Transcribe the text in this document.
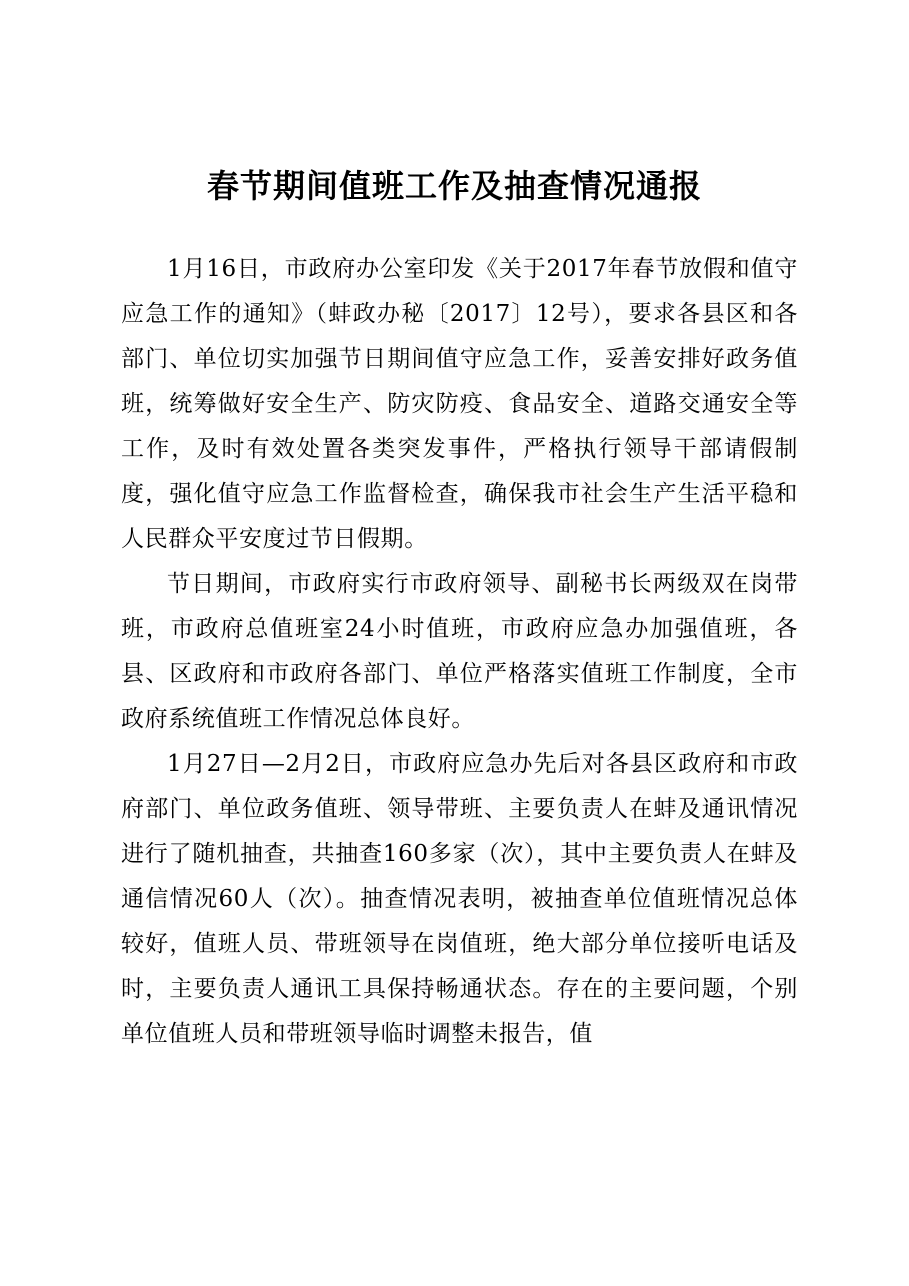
春节期间值班工作及抽查情况通报

1月16日，市政府办公室印发《关于2017年春节放假和值守应急工作的通知》（蚌政办秘〔2017〕12号），要求各县区和各部门、单位切实加强节日期间值守应急工作，妥善安排好政务值班，统筹做好安全生产、防灾防疫、食品安全、道路交通安全等工作，及时有效处置各类突发事件，严格执行领导干部请假制度，强化值守应急工作监督检查，确保我市社会生产生活平稳和人民群众平安度过节日假期。

节日期间，市政府实行市政府领导、副秘书长两级双在岗带班，市政府总值班室24小时值班，市政府应急办加强值班，各县、区政府和市政府各部门、单位严格落实值班工作制度，全市政府系统值班工作情况总体良好。

1月27日—2月2日，市政府应急办先后对各县区政府和市政府部门、单位政务值班、领导带班、主要负责人在蚌及通讯情况进行了随机抽查，共抽查160多家（次），其中主要负责人在蚌及通信情况60人（次）。抽查情况表明，被抽查单位值班情况总体较好，值班人员、带班领导在岗值班，绝大部分单位接听电话及时，主要负责人通讯工具保持畅通状态。存在的主要问题，个别单位值班人员和带班领导临时调整未报告，值
